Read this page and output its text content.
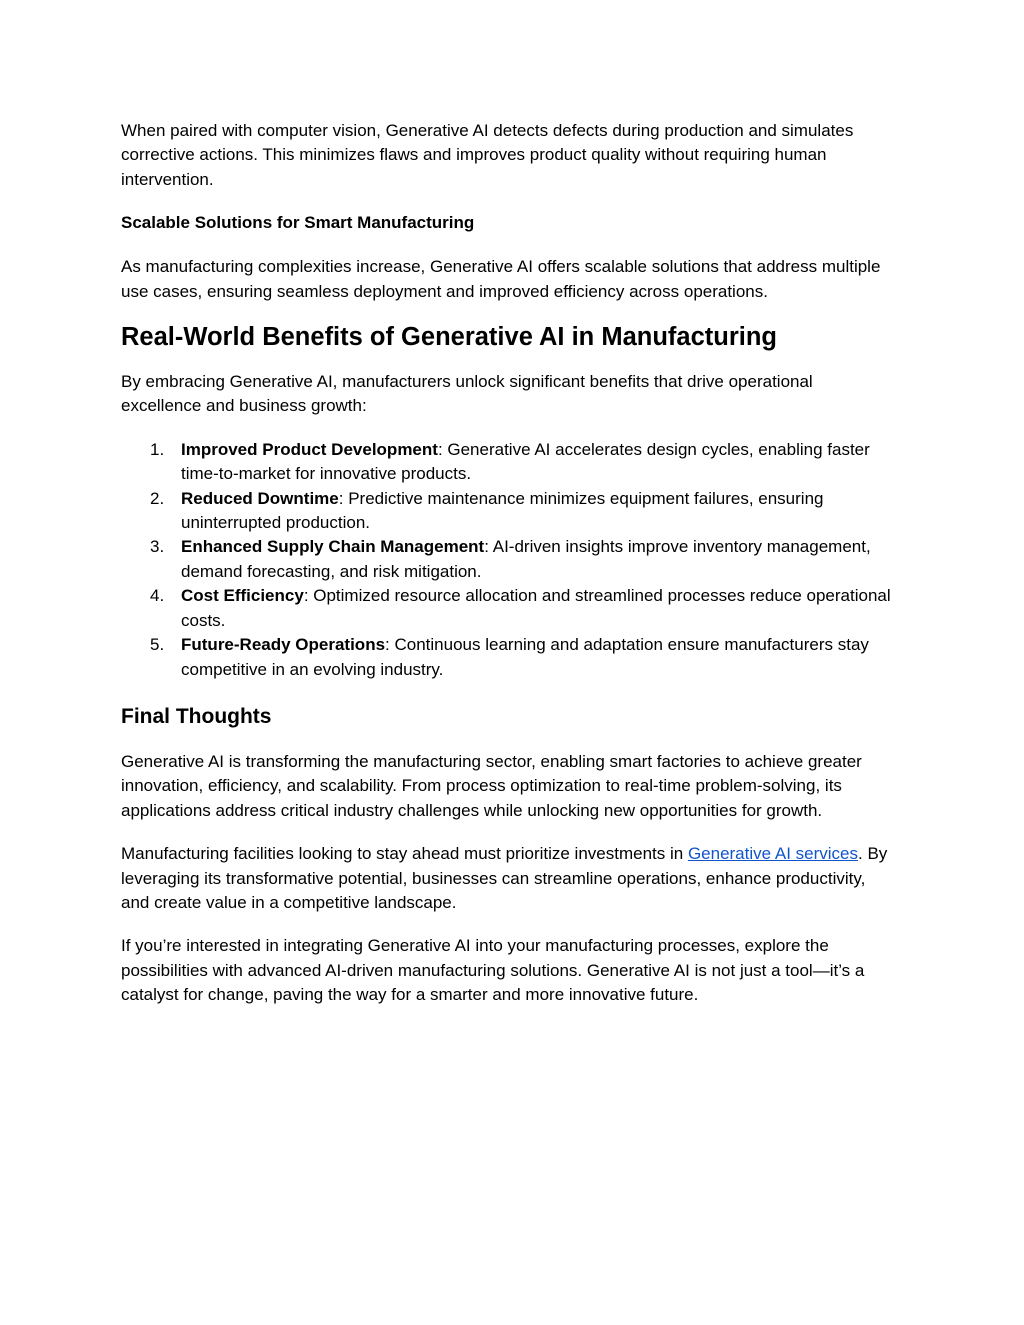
When paired with computer vision, Generative AI detects defects during production and simulates corrective actions. This minimizes flaws and improves product quality without requiring human intervention.

Scalable Solutions for Smart Manufacturing

As manufacturing complexities increase, Generative AI offers scalable solutions that address multiple use cases, ensuring seamless deployment and improved efficiency across operations.

Real-World Benefits of Generative AI in Manufacturing

By embracing Generative AI, manufacturers unlock significant benefits that drive operational excellence and business growth:

1. Improved Product Development: Generative AI accelerates design cycles, enabling faster time-to-market for innovative products.
2. Reduced Downtime: Predictive maintenance minimizes equipment failures, ensuring uninterrupted production.
3. Enhanced Supply Chain Management: AI-driven insights improve inventory management, demand forecasting, and risk mitigation.
4. Cost Efficiency: Optimized resource allocation and streamlined processes reduce operational costs.
5. Future-Ready Operations: Continuous learning and adaptation ensure manufacturers stay competitive in an evolving industry.
Final Thoughts

Generative AI is transforming the manufacturing sector, enabling smart factories to achieve greater innovation, efficiency, and scalability. From process optimization to real-time problem-solving, its applications address critical industry challenges while unlocking new opportunities for growth.

Manufacturing facilities looking to stay ahead must prioritize investments in Generative AI services. By leveraging its transformative potential, businesses can streamline operations, enhance productivity, and create value in a competitive landscape.

If you’re interested in integrating Generative AI into your manufacturing processes, explore the possibilities with advanced AI-driven manufacturing solutions. Generative AI is not just a tool—it’s a catalyst for change, paving the way for a smarter and more innovative future.
